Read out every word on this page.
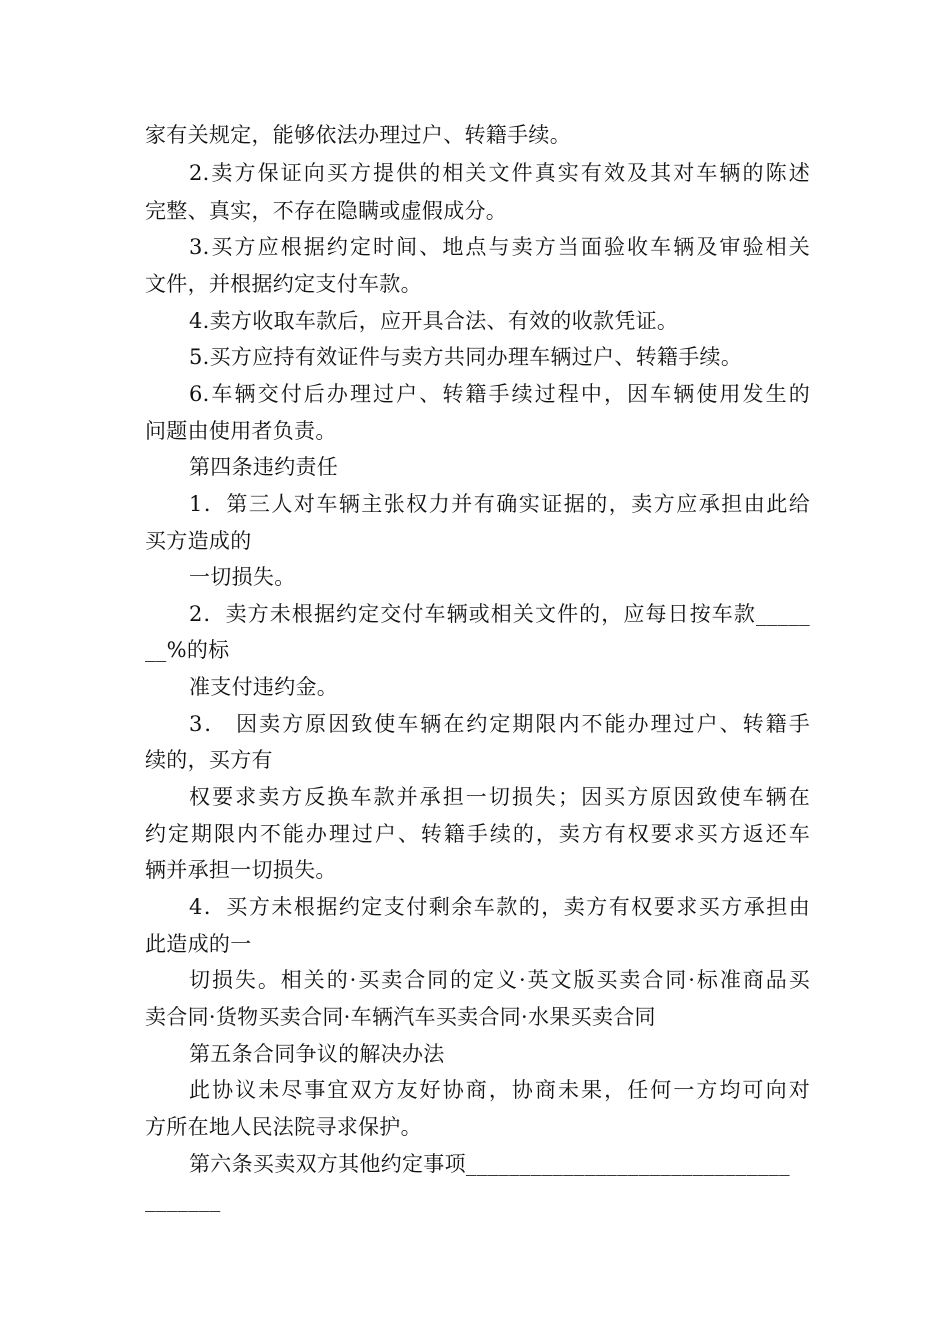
家有关规定，能够依法办理过户、转籍手续。
2.卖方保证向买方提供的相关文件真实有效及其对车辆的陈述
完整、真实，不存在隐瞒或虚假成分。
3.买方应根据约定时间、地点与卖方当面验收车辆及审验相关
文件，并根据约定支付车款。
4.卖方收取车款后，应开具合法、有效的收款凭证。
5.买方应持有效证件与卖方共同办理车辆过户、转籍手续。
6.车辆交付后办理过户、转籍手续过程中，因车辆使用发生的
问题由使用者负责。
第四条违约责任
1．第三人对车辆主张权力并有确实证据的，卖方应承担由此给
买方造成的
一切损失。
2．卖方未根据约定交付车辆或相关文件的，应每日按车款_____
__%的标
准支付违约金。
3． 因卖方原因致使车辆在约定期限内不能办理过户、转籍手
续的，买方有
权要求卖方反换车款并承担一切损失；因买方原因致使车辆在
约定期限内不能办理过户、转籍手续的，卖方有权要求买方返还车
辆并承担一切损失。
4．买方未根据约定支付剩余车款的，卖方有权要求买方承担由
此造成的一
切损失。相关的·买卖合同的定义·英文版买卖合同·标准商品买
卖合同·货物买卖合同·车辆汽车买卖合同·水果买卖合同
第五条合同争议的解决办法
此协议未尽事宜双方友好协商，协商未果，任何一方均可向对
方所在地人民法院寻求保护。
第六条买卖双方其他约定事项______________________________
_______
